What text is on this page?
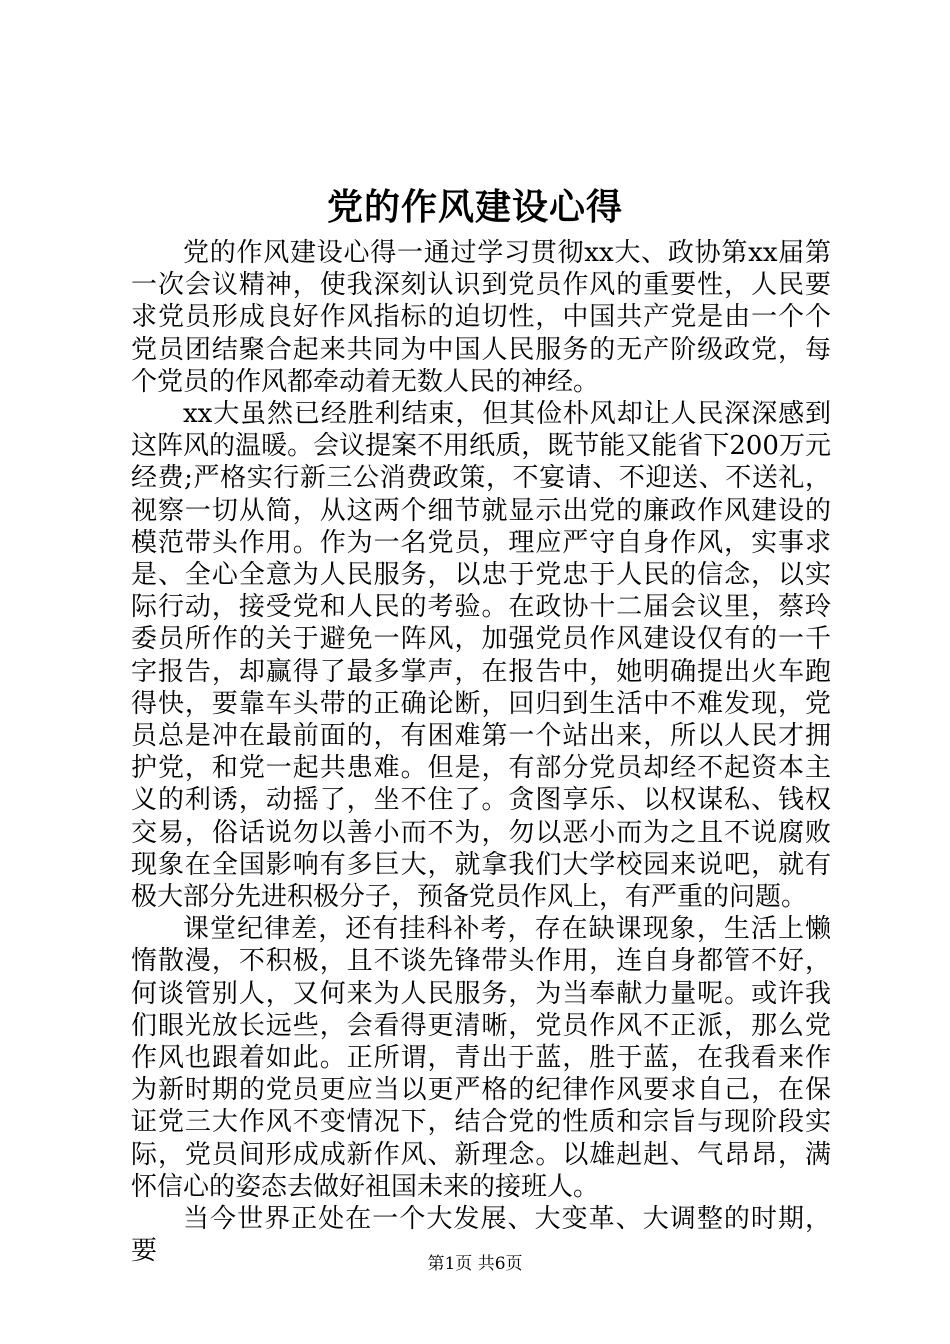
党的作风建设心得

党的作风建设心得一通过学习贯彻xx大、政协第xx届第一次会议精神，使我深刻认识到党员作风的重要性，人民要求党员形成良好作风指标的迫切性，中国共产党是由一个个党员团结聚合起来共同为中国人民服务的无产阶级政党，每个党员的作风都牵动着无数人民的神经。

xx大虽然已经胜利结束，但其俭朴风却让人民深深感到这阵风的温暖。会议提案不用纸质，既节能又能省下200万元经费;严格实行新三公消费政策，不宴请、不迎送、不送礼，视察一切从简，从这两个细节就显示出党的廉政作风建设的模范带头作用。作为一名党员，理应严守自身作风，实事求是、全心全意为人民服务，以忠于党忠于人民的信念，以实际行动，接受党和人民的考验。在政协十二届会议里，蔡玲委员所作的关于避免一阵风，加强党员作风建设仅有的一千字报告，却赢得了最多掌声，在报告中，她明确提出火车跑得快，要靠车头带的正确论断，回归到生活中不难发现，党员总是冲在最前面的，有困难第一个站出来，所以人民才拥护党，和党一起共患难。但是，有部分党员却经不起资本主义的利诱，动摇了，坐不住了。贪图享乐、以权谋私、钱权交易，俗话说勿以善小而不为，勿以恶小而为之且不说腐败现象在全国影响有多巨大，就拿我们大学校园来说吧，就有极大部分先进积极分子，预备党员作风上，有严重的问题。

课堂纪律差，还有挂科补考，存在缺课现象，生活上懒惰散漫，不积极，且不谈先锋带头作用，连自身都管不好，何谈管别人，又何来为人民服务，为当奉献力量呢。或许我们眼光放长远些，会看得更清晰，党员作风不正派，那么党作风也跟着如此。正所谓，青出于蓝，胜于蓝，在我看来作为新时期的党员更应当以更严格的纪律作风要求自己，在保证党三大作风不变情况下，结合党的性质和宗旨与现阶段实际，党员间形成成新作风、新理念。以雄赳赳、气昂昂，满怀信心的姿态去做好祖国未来的接班人。

当今世界正处在一个大发展、大变革、大调整的时期，要	第1页 共6页
